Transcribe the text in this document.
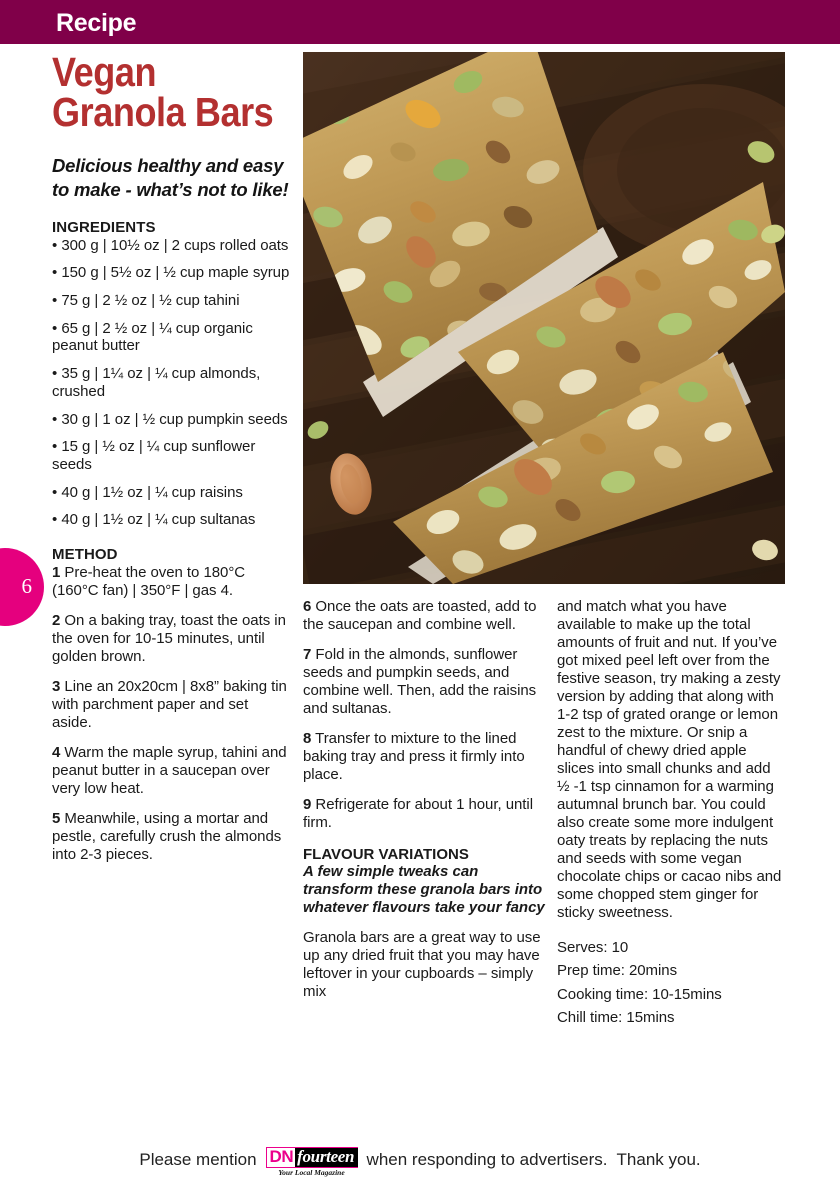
Recipe
6
Vegan
Granola Bars
Delicious healthy and easy to make - what’s not to like!
INGREDIENTS
• 300 g | 10½ oz | 2 cups rolled oats
• 150 g | 5½ oz | ½ cup maple syrup
• 75 g | 2 ½ oz | ½ cup tahini
• 65 g | 2 ½ oz | ¼ cup organic peanut butter
• 35 g | 1¼ oz | ¼ cup almonds, crushed
• 30 g | 1 oz | ½ cup pumpkin seeds
• 15 g | ½ oz | ¼ cup sunflower seeds
• 40 g | 1½ oz | ¼ cup raisins
• 40 g | 1½ oz | ¼ cup sultanas
METHOD
1 Pre-heat the oven to 180°C (160°C fan) | 350°F | gas 4.
2 On a baking tray, toast the oats in the oven for 10-15 minutes, until golden brown.
3 Line an 20x20cm | 8x8” baking tin with parchment paper and set aside.
4 Warm the maple syrup, tahini and peanut butter in a saucepan over very low heat.
5 Meanwhile, using a mortar and pestle, carefully crush the almonds into 2-3 pieces.
6 Once the oats are toasted, add to the saucepan and combine well.
7 Fold in the almonds, sunflower seeds and pumpkin seeds, and combine well. Then, add the raisins and sultanas.
8 Transfer to mixture to the lined baking tray and press it firmly into place.
9 Refrigerate for about 1 hour, until firm.
FLAVOUR VARIATIONS
A few simple tweaks can transform these granola bars into whatever flavours take your fancy
Granola bars are a great way to use up any dried fruit that you may have leftover in your cupboards – simply mix
and match what you have available to make up the total amounts of fruit and nut. If you’ve got mixed peel left over from the festive season, try making a zesty version by adding that along with 1-2 tsp of grated orange or lemon zest to the mixture. Or snip a handful of chewy dried apple slices into small chunks and add ½ -1 tsp cinnamon for a warming autumnal brunch bar. You could also create some more indulgent oaty treats by replacing the nuts and seeds with some vegan chocolate chips or cacao nibs and some chopped stem ginger for sticky sweetness.
Serves: 10
Prep time: 20mins
Cooking time: 10-15mins
Chill time: 15mins
Please mention DN fourteen
Your Local Magazine
when responding to advertisers. Thank you.
